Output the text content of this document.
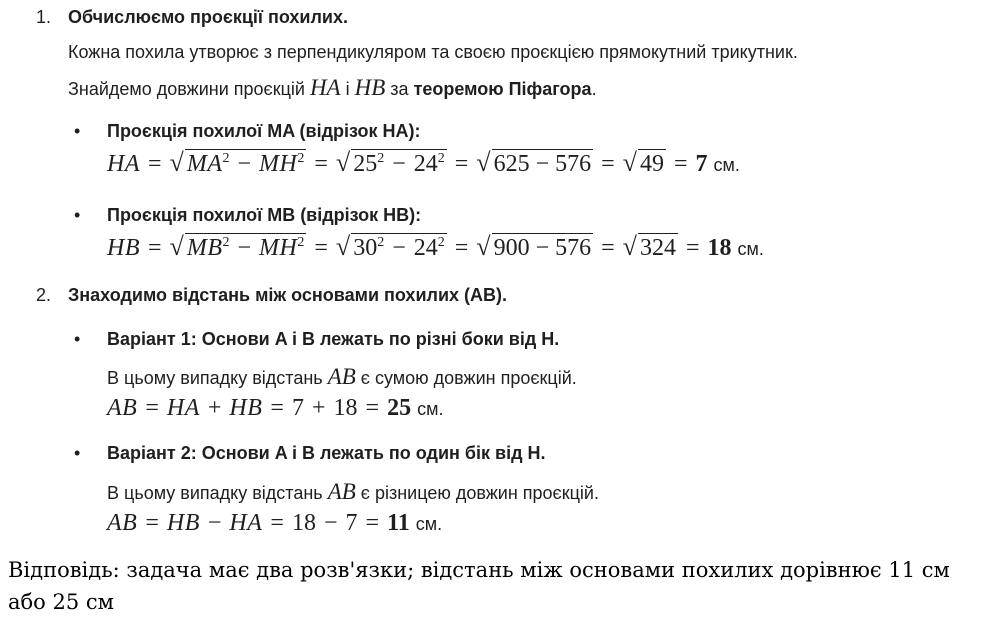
1. Обчислюємо проєкції похилих.
Кожна похила утворює з перпендикуляром та своєю проєкцією прямокутний трикутник.
Знайдемо довжини проєкцій HA і HB за теоремою Піфагора.
• Проєкція похилої MA (відрізок HA):
HA = √ $MA^2 - MH^2$ = √ $25^2 - 24^2$ = √ 625 − 576 = √ 49 = 7 см.
• Проєкція похилої MB (відрізок HB):
HB = √ $MB^2 - MH^2$ = √ $30^2 - 24^2$ = √ 900 − 576 = √ 324 = 18 см.
2. Знаходимо відстань між основами похилих (AB).
• Варіант 1: Основи A і B лежать по різні боки від H.
В цьому випадку відстань AB є сумою довжин проєкцій.
AB = HA + HB = 7 + 18 = 25 см.
• Варіант 2: Основи A і B лежать по один бік від H.
В цьому випадку відстань AB є різницею довжин проєкцій.
AB = HB − HA = 18 − 7 = 11 см.
Відповідь: задача має два розв'язки; відстань між основами похилих дорівнює 11 см
або 25 см
